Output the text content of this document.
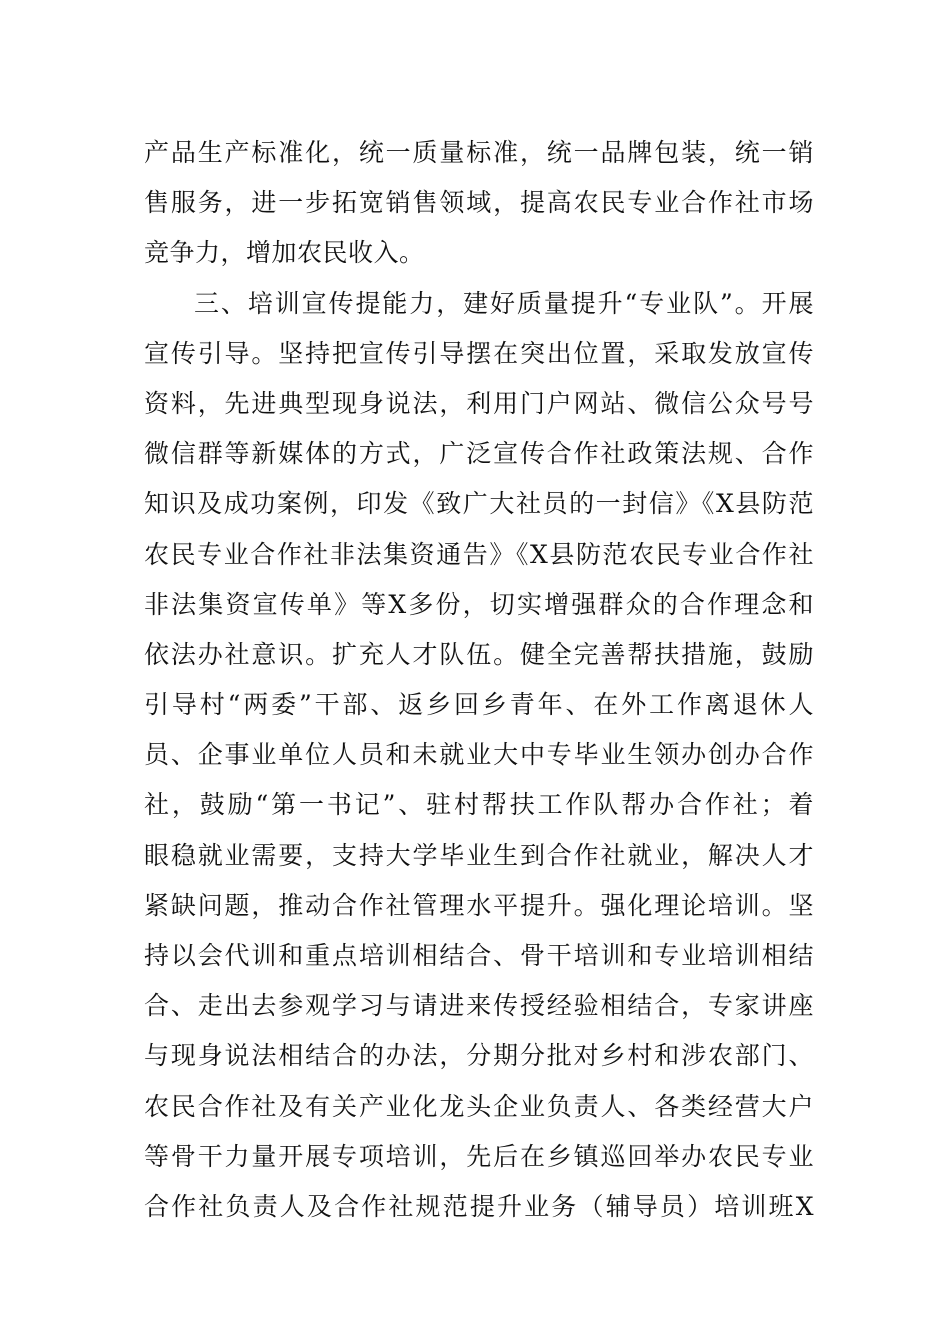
产品生产标准化，统一质量标准，统一品牌包装，统一销
售服务，进一步拓宽销售领域，提高农民专业合作社市场
竞争力，增加农民收入。
三、培训宣传提能力，建好质量提升“专业队”。开展
宣传引导。坚持把宣传引导摆在突出位置，采取发放宣传
资料，先进典型现身说法，利用门户网站、微信公众号号
微信群等新媒体的方式，广泛宣传合作社政策法规、合作
知识及成功案例，印发《致广大社员的一封信》《X县防范
农民专业合作社非法集资通告》《X县防范农民专业合作社
非法集资宣传单》等X多份，切实增强群众的合作理念和
依法办社意识。扩充人才队伍。健全完善帮扶措施，鼓励
引导村“两委”干部、返乡回乡青年、在外工作离退休人
员、企事业单位人员和未就业大中专毕业生领办创办合作
社，鼓励“第一书记”、驻村帮扶工作队帮办合作社；着
眼稳就业需要，支持大学毕业生到合作社就业，解决人才
紧缺问题，推动合作社管理水平提升。强化理论培训。坚
持以会代训和重点培训相结合、骨干培训和专业培训相结
合、走出去参观学习与请进来传授经验相结合，专家讲座
与现身说法相结合的办法，分期分批对乡村和涉农部门、
农民合作社及有关产业化龙头企业负责人、各类经营大户
等骨干力量开展专项培训，先后在乡镇巡回举办农民专业
合作社负责人及合作社规范提升业务（辅导员）培训班X
